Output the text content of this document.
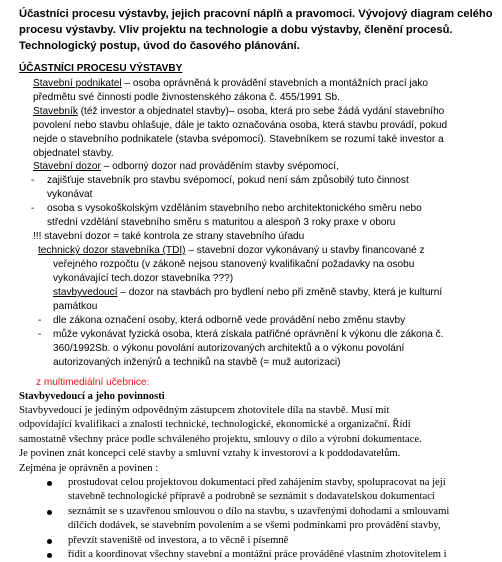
Účastníci procesu výstavby, jejich pracovní náplň a pravomoci. Vývojový diagram celého
procesu výstavby. Vliv projektu na technologie a dobu výstavby, členění procesů.
Technologický postup, úvod do časového plánování.
ÚČASTNÍCI PROCESU VÝSTAVBY
Stavební podnikatel – osoba oprávněná k provádění stavebních a montážních prací jako
předmětu své činnosti podle živnostenského zákona č. 455/1991 Sb.
Stavebník (též investor a objednatel stavby)– osoba, která pro sebe žádá vydání stavebního
povolení nebo stavbu ohlašuje, dále je takto označována osoba, která stavbu provádí, pokud
nejde o stavebního podnikatele (stavba svépomocí). Stavebníkem se rozumí také investor a
objednatel stavby.
Stavební dozor – odborný dozor nad prováděním stavby svépomocí,
- zajišťuje stavebník pro stavbu svépomocí, pokud není sám způsobilý tuto činnost
vykonávat
- osoba s vysokoškolským vzděláním stavebního nebo architektonického směru nebo
střední vzdělání stavebního směru s maturitou a alespoň 3 roky praxe v oboru
!!! stavební dozor = také kontrola ze strany stavebního úřadu
technický dozor stavebníka (TDI) – stavební dozor vykonávaný u stavby financované z
veřejného rozpočtu (v zákoně nejsou stanovený kvalifikační požadavky na osobu
vykonávající tech.dozor stavebníka ???)
stavbyvedoucí – dozor na stavbách pro bydlení nebo při změně stavby, která je kulturní
památkou
- dle zákona označení osoby, která odborně vede provádění nebo změnu stavby
- může vykonávat fyzická osoba, která získala patřičné oprávnění k výkonu dle zákona č.
360/1992Sb. o výkonu povolání autorizovaných architektů a o výkonu povolání
autorizovaných inženýrů a techniků na stavbě (= muž autorizaci)
z multimediální učebnice:
Stavbyvedoucí a jeho povinnosti
Stavbyvedoucí je jediným odpovědným zástupcem zhotovitele díla na stavbě. Musí mít
odpovídající kvalifikaci a znalosti technické, technologické, ekonomické a organizační. Řídí
samostatně všechny práce podle schváleného projektu, smlouvy o dílo a výrobní dokumentace.
Je povinen znát koncepci celé stavby a smluvní vztahy k investorovi a k poddodavatelům.
Zejména je oprávněn a povinen :
prostudovat celou projektovou dokumentaci před zahájením stavby, spolupracovat na její
stavebně technologické přípravě a podrobně se seznámit s dodavatelskou dokumentací
seznámit se s uzavřenou smlouvou o dílo na stavbu, s uzavřenými dohodami a smlouvami
dílčích dodávek, se stavebním povolením a se všemi podmínkami pro provádění stavby,
převzít staveniště od investora, a to věcně i písemně
řídit a koordinovat všechny stavební a montážní práce prováděné vlastním zhotovitelem i
